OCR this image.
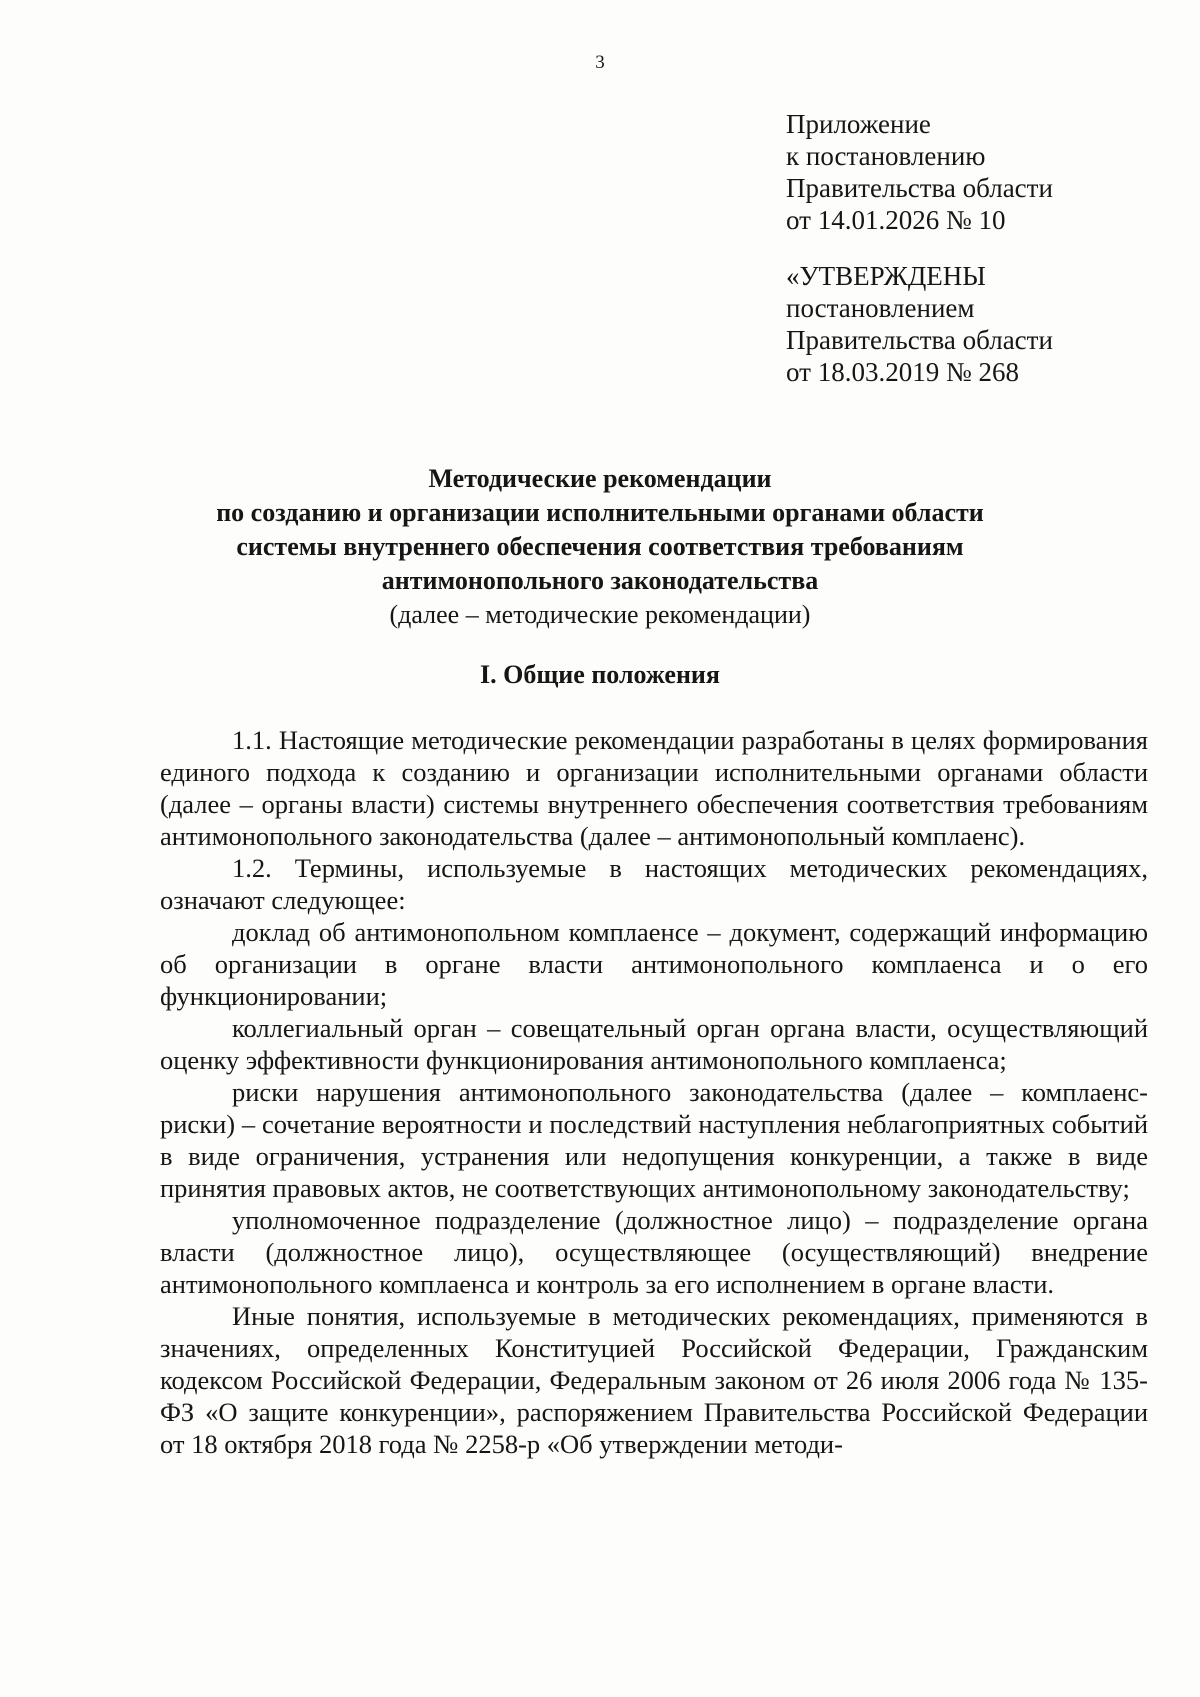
3
Приложение
к постановлению
Правительства области
от 14.01.2026 № 10
«УТВЕРЖДЕНЫ
постановлением
Правительства области
от 18.03.2019 № 268
Методические рекомендации
по созданию и организации исполнительными органами области
системы внутреннего обеспечения соответствия требованиям
антимонопольного законодательства
(далее – методические рекомендации)
I. Общие положения

1.1. Настоящие методические рекомендации разработаны в целях формирования единого подхода к созданию и организации исполнительными органами области (далее – органы власти) системы внутреннего обеспечения соответствия требованиям антимонопольного законодательства (далее – антимонопольный комплаенс).

1.2. Термины, используемые в настоящих методических рекомендациях, означают следующее:

доклад об антимонопольном комплаенсе – документ, содержащий информацию об организации в органе власти антимонопольного комплаенса и о его функционировании;

коллегиальный орган – совещательный орган органа власти, осуществляющий оценку эффективности функционирования антимонопольного комплаенса;

риски нарушения антимонопольного законодательства (далее – комплаенс-риски) – сочетание вероятности и последствий наступления неблагоприятных событий в виде ограничения, устранения или недопущения конкуренции, а также в виде принятия правовых актов, не соответствующих антимонопольному законодательству;

уполномоченное подразделение (должностное лицо) – подразделение органа власти (должностное лицо), осуществляющее (осуществляющий) внедрение антимонопольного комплаенса и контроль за его исполнением в органе власти.

Иные понятия, используемые в методических рекомендациях, применяются в значениях, определенных Конституцией Российской Федерации, Гражданским кодексом Российской Федерации, Федеральным законом от 26 июля 2006 года № 135-ФЗ «О защите конкуренции», распоряжением Правительства Российской Федерации от 18 октября 2018 года № 2258-р «Об утверждении методи-
